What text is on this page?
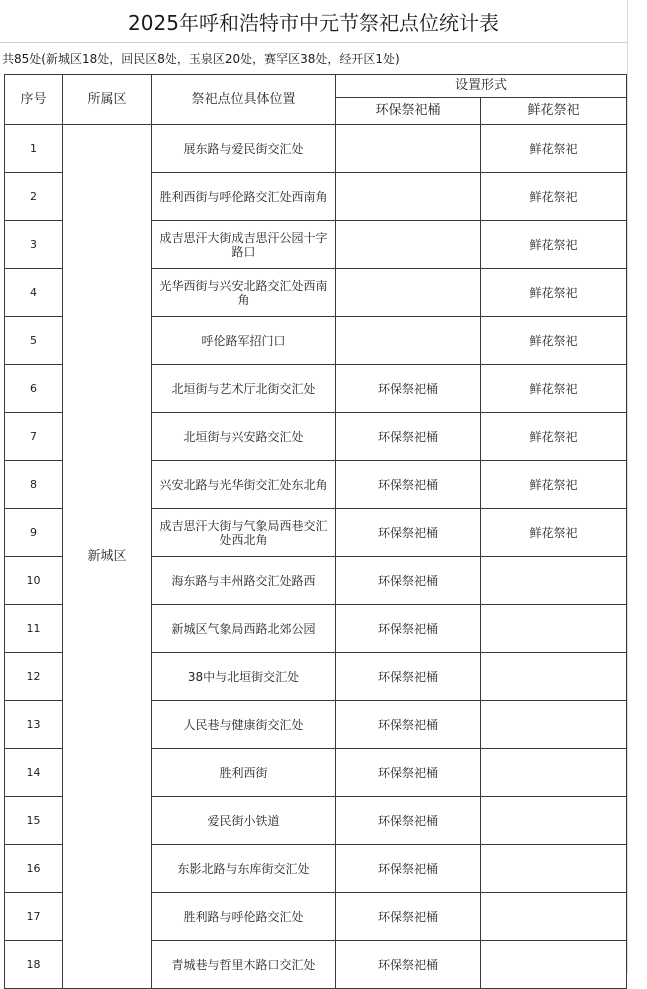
2025年呼和浩特市中元节祭祀点位统计表
共85处(新城区18处，回民区8处，玉泉区20处，赛罕区38处，经开区1处)
序号	所属区	祭祀点位具体位置	设置形式	
			环保祭祀桶	鲜花祭祀
1	新城区	展东路与爱民街交汇处		鲜花祭祀
2		胜利西街与呼伦路交汇处西南角		鲜花祭祀
3		成吉思汗大街成吉思汗公园十字路口		鲜花祭祀
4		光华西街与兴安北路交汇处西南角		鲜花祭祀
5		呼伦路军招门口		鲜花祭祀
6		北垣街与艺术厅北街交汇处	环保祭祀桶	鲜花祭祀
7		北垣街与兴安路交汇处	环保祭祀桶	鲜花祭祀
8		兴安北路与光华街交汇处东北角	环保祭祀桶	鲜花祭祀
9		成吉思汗大街与气象局西巷交汇处西北角	环保祭祀桶	鲜花祭祀
10		海东路与丰州路交汇处路西	环保祭祀桶	
11		新城区气象局西路北郊公园	环保祭祀桶	
12		38中与北垣街交汇处	环保祭祀桶	
13		人民巷与健康街交汇处	环保祭祀桶	
14		胜利西街	环保祭祀桶	
15		爱民街小铁道	环保祭祀桶	
16		东影北路与东库街交汇处	环保祭祀桶	
17		胜利路与呼伦路交汇处	环保祭祀桶	
18		青城巷与哲里木路口交汇处	环保祭祀桶	
